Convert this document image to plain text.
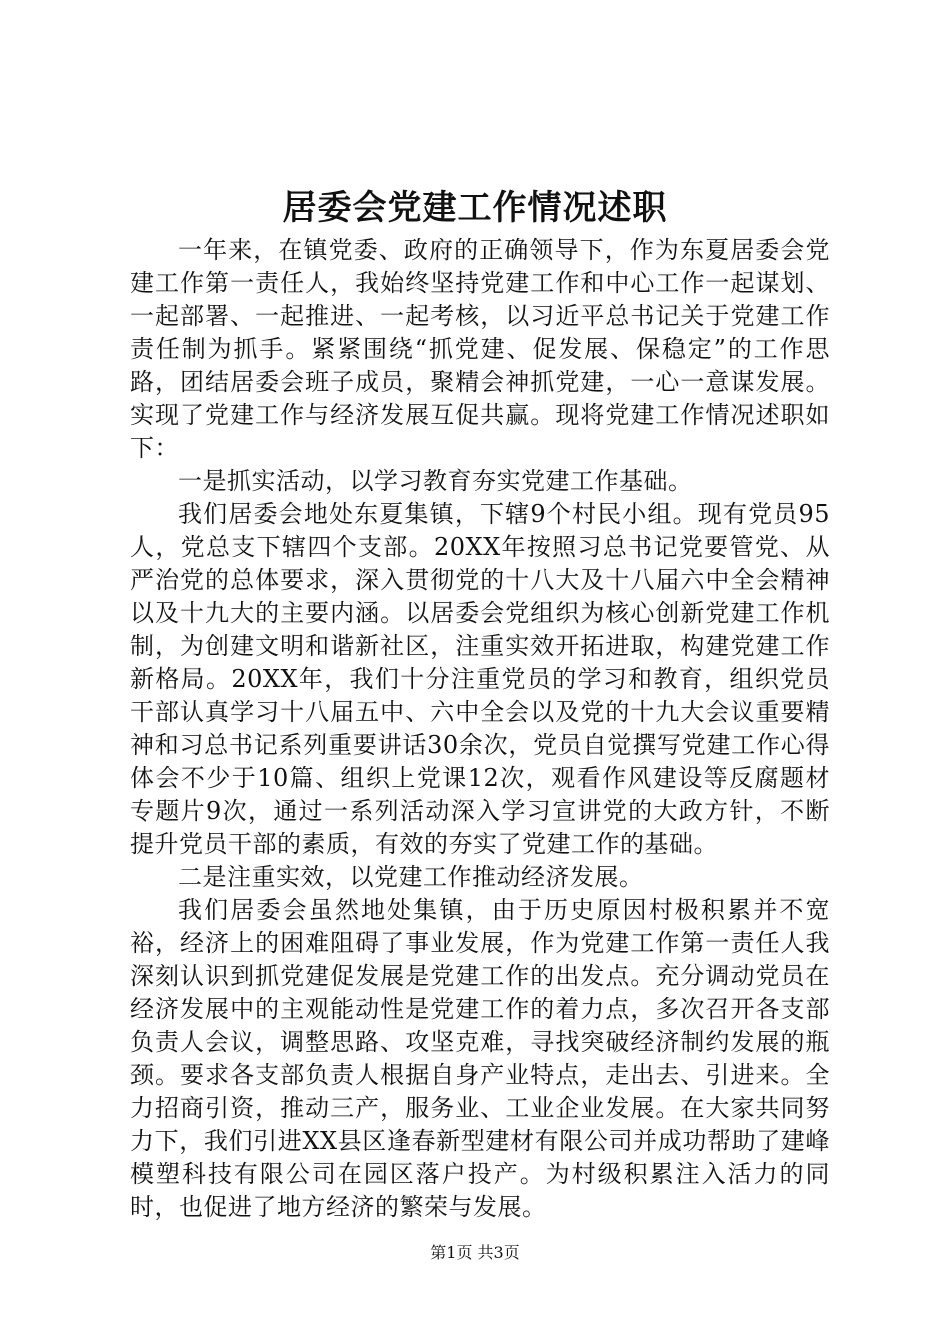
居委会党建工作情况述职

一年来，在镇党委、政府的正确领导下，作为东夏居委会党建工作第一责任人，我始终坚持党建工作和中心工作一起谋划、一起部署、一起推进、一起考核，以习近平总书记关于党建工作责任制为抓手。紧紧围绕“抓党建、促发展、保稳定”的工作思路，团结居委会班子成员，聚精会神抓党建，一心一意谋发展。实现了党建工作与经济发展互促共赢。现将党建工作情况述职如下：

一是抓实活动，以学习教育夯实党建工作基础。

我们居委会地处东夏集镇，下辖9个村民小组。现有党员95人，党总支下辖四个支部。20XX年按照习总书记党要管党、从严治党的总体要求，深入贯彻党的十八大及十八届六中全会精神以及十九大的主要内涵。以居委会党组织为核心创新党建工作机制，为创建文明和谐新社区，注重实效开拓进取，构建党建工作新格局。20XX年，我们十分注重党员的学习和教育，组织党员干部认真学习十八届五中、六中全会以及党的十九大会议重要精神和习总书记系列重要讲话30余次，党员自觉撰写党建工作心得体会不少于10篇、组织上党课12次，观看作风建设等反腐题材专题片9次，通过一系列活动深入学习宣讲党的大政方针，不断提升党员干部的素质，有效的夯实了党建工作的基础。

二是注重实效，以党建工作推动经济发展。

我们居委会虽然地处集镇，由于历史原因村极积累并不宽裕，经济上的困难阻碍了事业发展，作为党建工作第一责任人我深刻认识到抓党建促发展是党建工作的出发点。充分调动党员在经济发展中的主观能动性是党建工作的着力点，多次召开各支部负责人会议，调整思路、攻坚克难，寻找突破经济制约发展的瓶颈。要求各支部负责人根据自身产业特点，走出去、引进来。全力招商引资，推动三产，服务业、工业企业发展。在大家共同努力下，我们引进XX县区逢春新型建材有限公司并成功帮助了建峰模塑科技有限公司在园区落户投产。为村级积累注入活力的同时，也促进了地方经济的繁荣与发展。

第1页 共3页
